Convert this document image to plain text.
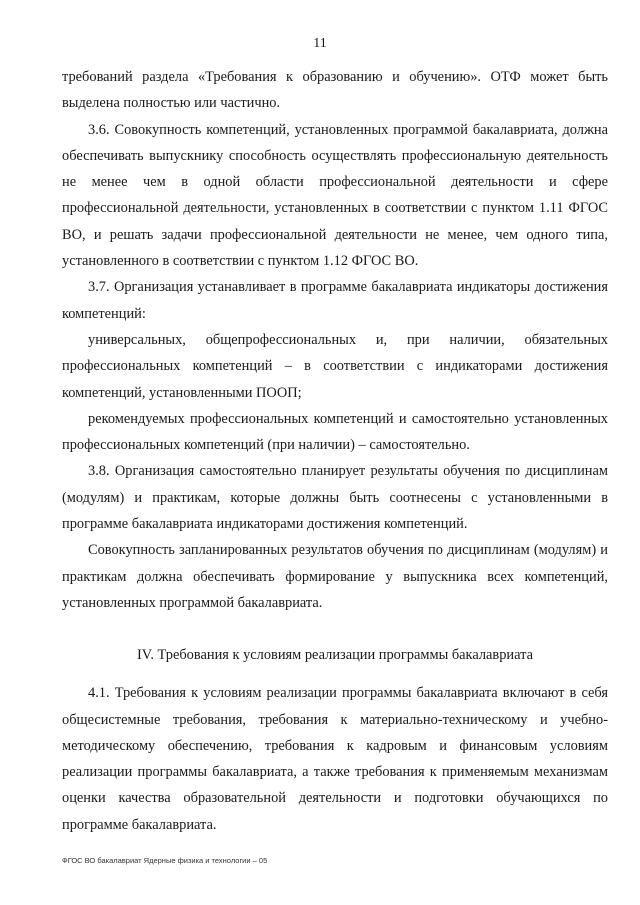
11

требований раздела «Требования к образованию и обучению». ОТФ может быть выделена полностью или частично.

3.6. Совокупность компетенций, установленных программой бакалавриата, должна обеспечивать выпускнику способность осуществлять профессиональную деятельность не менее чем в одной области профессиональной деятельности и сфере профессиональной деятельности, установленных в соответствии с пунктом 1.11 ФГОС ВО, и решать задачи профессиональной деятельности не менее, чем одного типа, установленного в соответствии с пунктом 1.12 ФГОС ВО.

3.7. Организация устанавливает в программе бакалавриата индикаторы достижения компетенций:

универсальных, общепрофессиональных и, при наличии, обязательных профессиональных компетенций – в соответствии с индикаторами достижения компетенций, установленными ПООП;

рекомендуемых профессиональных компетенций и самостоятельно установленных профессиональных компетенций (при наличии) – самостоятельно.

3.8. Организация самостоятельно планирует результаты обучения по дисциплинам (модулям) и практикам, которые должны быть соотнесены с установленными в программе бакалавриата индикаторами достижения компетенций.

Совокупность запланированных результатов обучения по дисциплинам (модулям) и практикам должна обеспечивать формирование у выпускника всех компетенций, установленных программой бакалавриата.

IV. Требования к условиям реализации программы бакалавриата

4.1. Требования к условиям реализации программы бакалавриата включают в себя общесистемные требования, требования к материально-техническому и учебно-методическому обеспечению, требования к кадровым и финансовым условиям реализации программы бакалавриата, а также требования к применяемым механизмам оценки качества образовательной деятельности и подготовки обучающихся по программе бакалавриата.

ФГОС ВО бакалавриат Ядерные физика и технологии – 05
